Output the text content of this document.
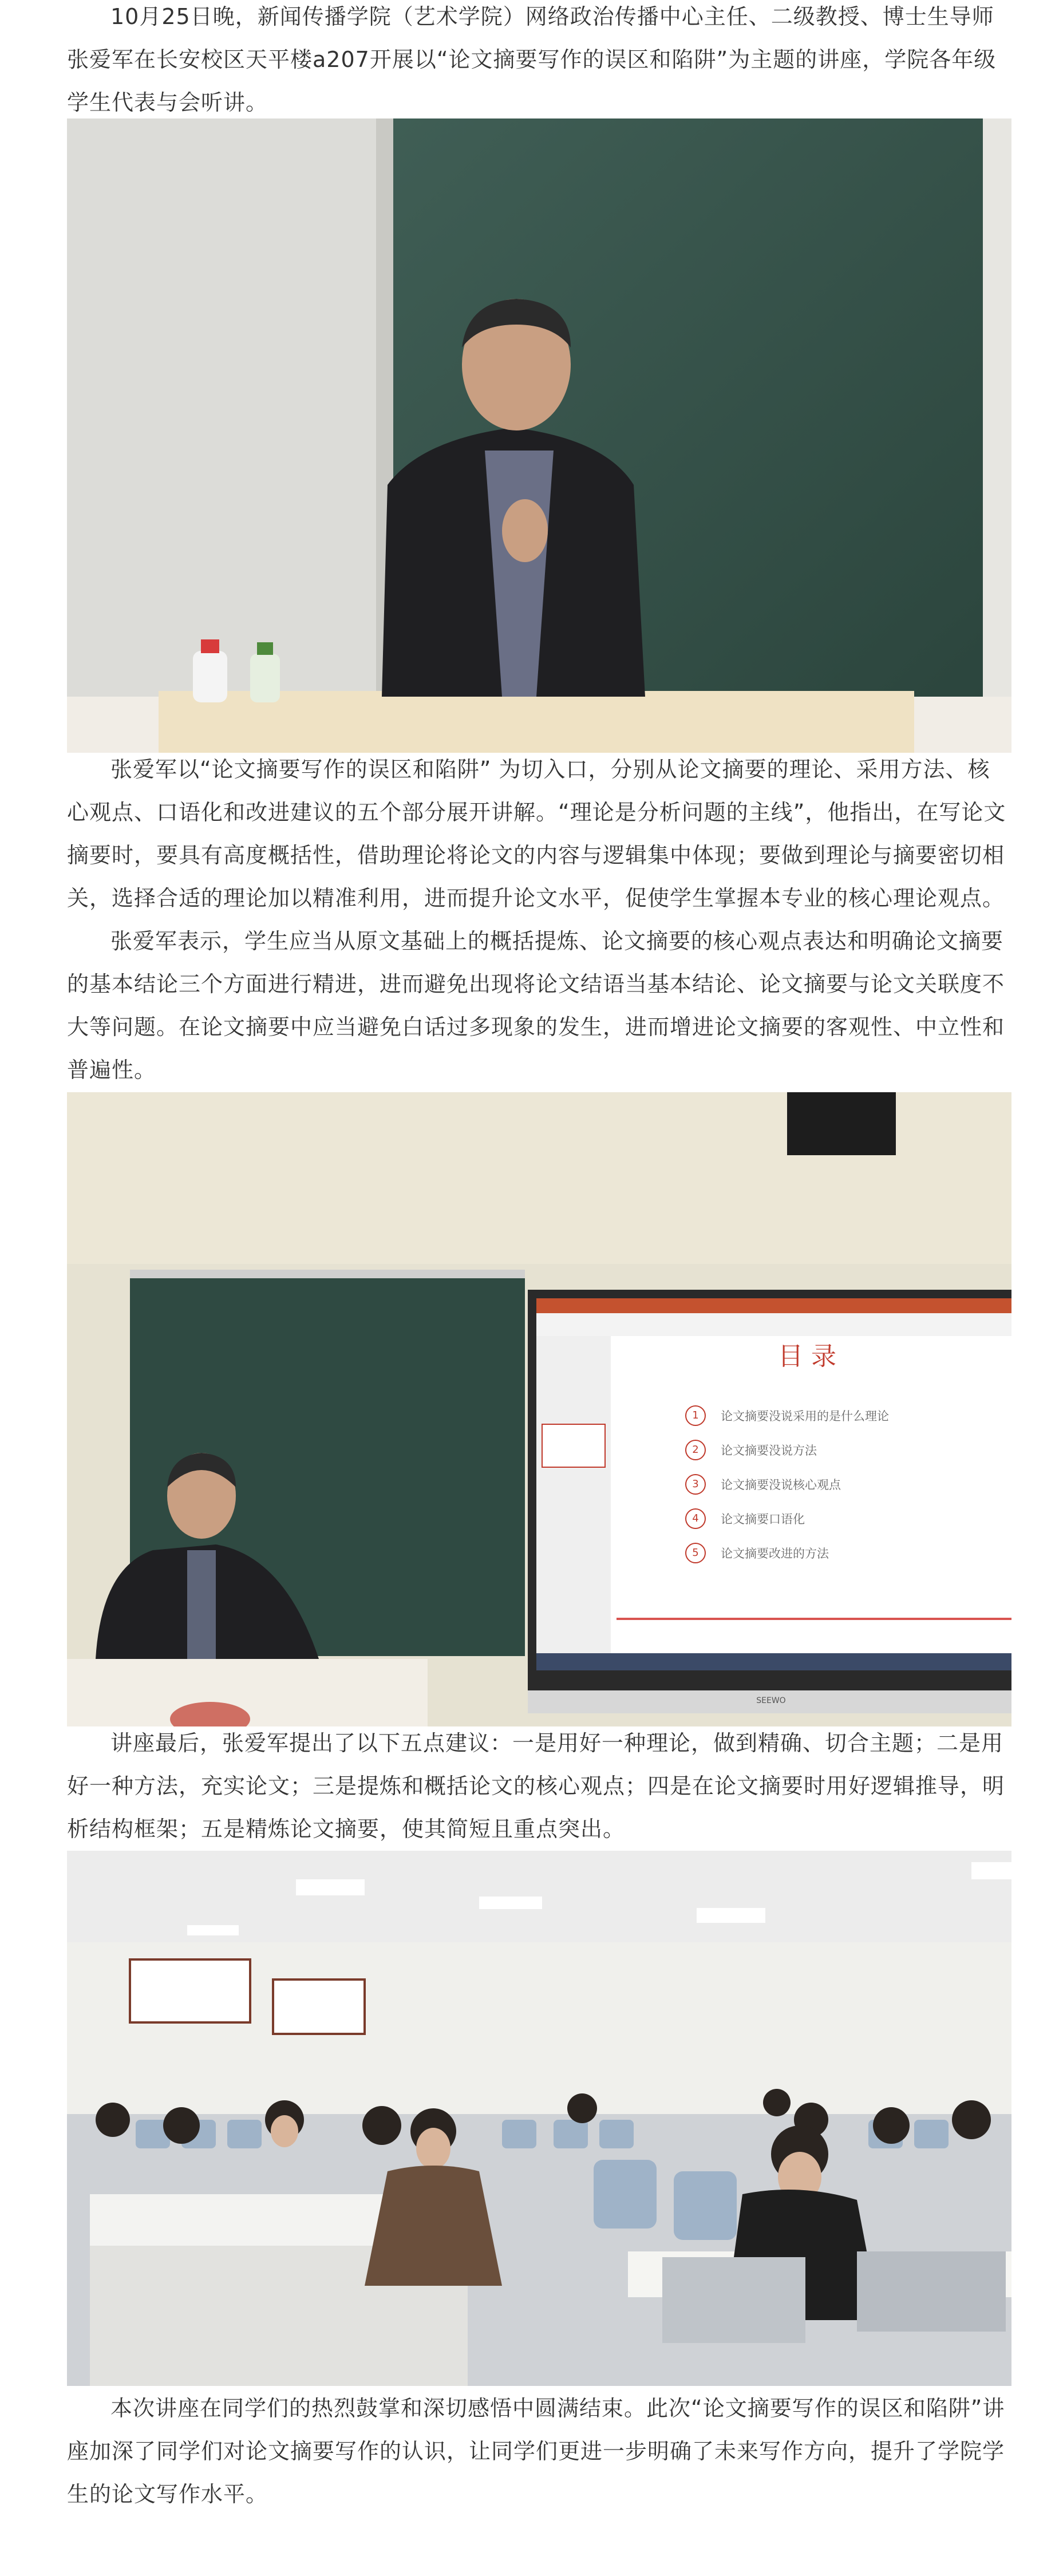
10月25日晚，新闻传播学院（艺术学院）网络政治传播中心主任、二级教授、博士生导师张爱军在长安校区天平楼a207开展以“论文摘要写作的误区和陷阱”为主题的讲座，学院各年级学生代表与会听讲。

张爱军以“论文摘要写作的误区和陷阱” 为切入口，分别从论文摘要的理论、采用方法、核心观点、口语化和改进建议的五个部分展开讲解。“理论是分析问题的主线”，他指出，在写论文摘要时，要具有高度概括性，借助理论将论文的内容与逻辑集中体现；要做到理论与摘要密切相关，选择合适的理论加以精准利用，进而提升论文水平，促使学生掌握本专业的核心理论观点。

张爱军表示，学生应当从原文基础上的概括提炼、论文摘要的核心观点表达和明确论文摘要的基本结论三个方面进行精进，进而避免出现将论文结语当基本结论、论文摘要与论文关联度不大等问题。在论文摘要中应当避免白话过多现象的发生，进而增进论文摘要的客观性、中立性和普遍性。

目录
1	论文摘要没说采用的是什么理论
2	论文摘要没说方法
3	论文摘要没说核心观点
4	论文摘要口语化
5	论文摘要改进的方法
SEEWO

讲座最后，张爱军提出了以下五点建议：一是用好一种理论，做到精确、切合主题；二是用好一种方法，充实论文；三是提炼和概括论文的核心观点；四是在论文摘要时用好逻辑推导，明析结构框架；五是精炼论文摘要，使其简短且重点突出。

本次讲座在同学们的热烈鼓掌和深切感悟中圆满结束。此次“论文摘要写作的误区和陷阱”讲座加深了同学们对论文摘要写作的认识，让同学们更进一步明确了未来写作方向，提升了学院学生的论文写作水平。
